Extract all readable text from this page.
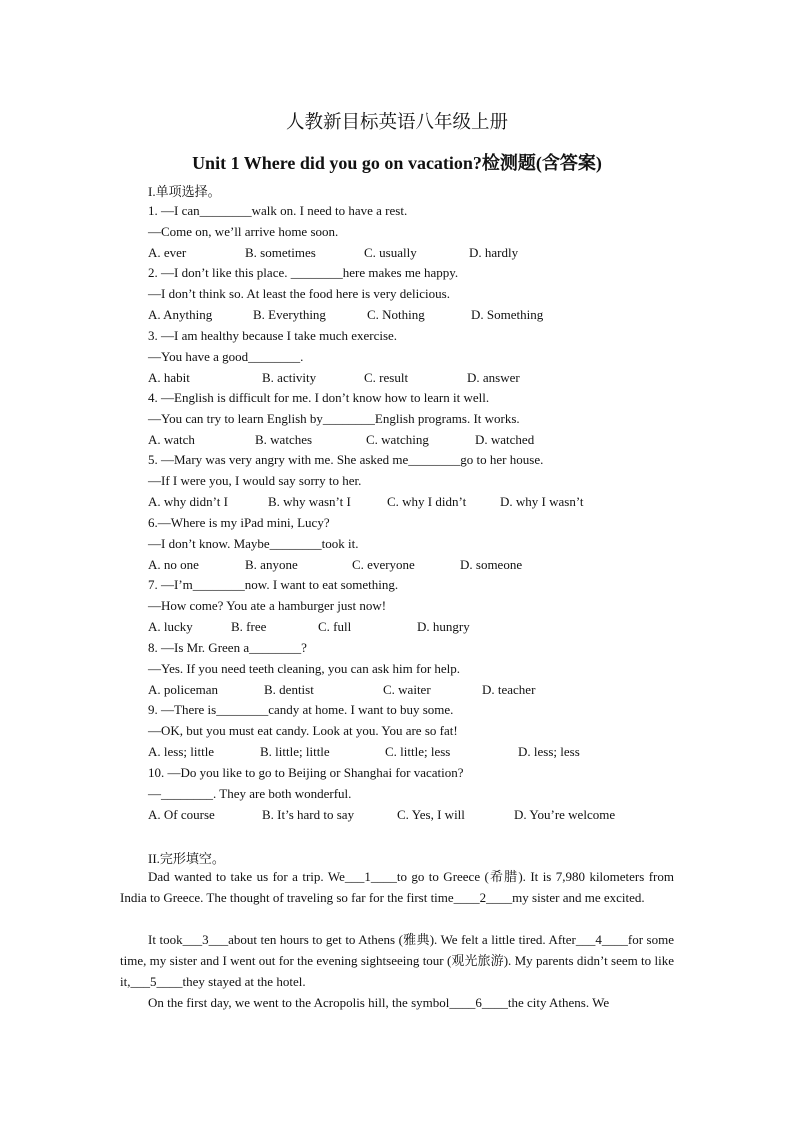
人教新目标英语八年级上册
Unit 1 Where did you go on vacation?检测题(含答案)
I.单项选择。
1. —I can________walk on. I need to have a rest.
—Come on, we’ll arrive home soon.
A. ever	B. sometimes	C. usually	D. hardly
2. —I don’t like this place. ________here makes me happy.
—I don’t think so. At least the food here is very delicious.
A. Anything	B. Everything	C. Nothing	D. Something
3. —I am healthy because I take much exercise.
—You have a good________.
A. habit	B. activity	C. result	D. answer
4. —English is difficult for me. I don’t know how to learn it well.
—You can try to learn English by________English programs. It works.
A. watch	B. watches	C. watching	D. watched
5. —Mary was very angry with me. She asked me________go to her house.
—If I were you, I would say sorry to her.
A. why didn’t I	B. why wasn’t I	C. why I didn’t	D. why I wasn’t
6.—Where is my iPad mini, Lucy?
—I don’t know. Maybe________took it.
A. no one	B. anyone	C. everyone	D. someone
7. —I’m________now. I want to eat something.
—How come? You ate a hamburger just now!
A. lucky	B. free	C. full	D. hungry
8. —Is Mr. Green a________?
—Yes. If you need teeth cleaning, you can ask him for help.
A. policeman	B. dentist	C. waiter	D. teacher
9. —There is________candy at home. I want to buy some.
—OK, but you must eat candy. Look at you. You are so fat!
A. less; little	B. little; little	C. little; less	D. less; less
10. —Do you like to go to Beijing or Shanghai for vacation?
—________. They are both wonderful.
A. Of course	B. It’s hard to say	C. Yes, I will	D. You’re welcome
II.完形填空。
Dad wanted to take us for a trip. We___1____to go to Greece (希腊). It is 7,980 kilometers from India to Greece. The thought of traveling so far for the first time____2____my sister and me excited.
It took___3___about ten hours to get to Athens (雅典). We felt a little tired. After___4____for some time, my sister and I went out for the evening sightseeing tour (观光旅游). My parents didn’t seem to like it,___5____they stayed at the hotel.
On the first day, we went to the Acropolis hill, the symbol____6____the city Athens. We
